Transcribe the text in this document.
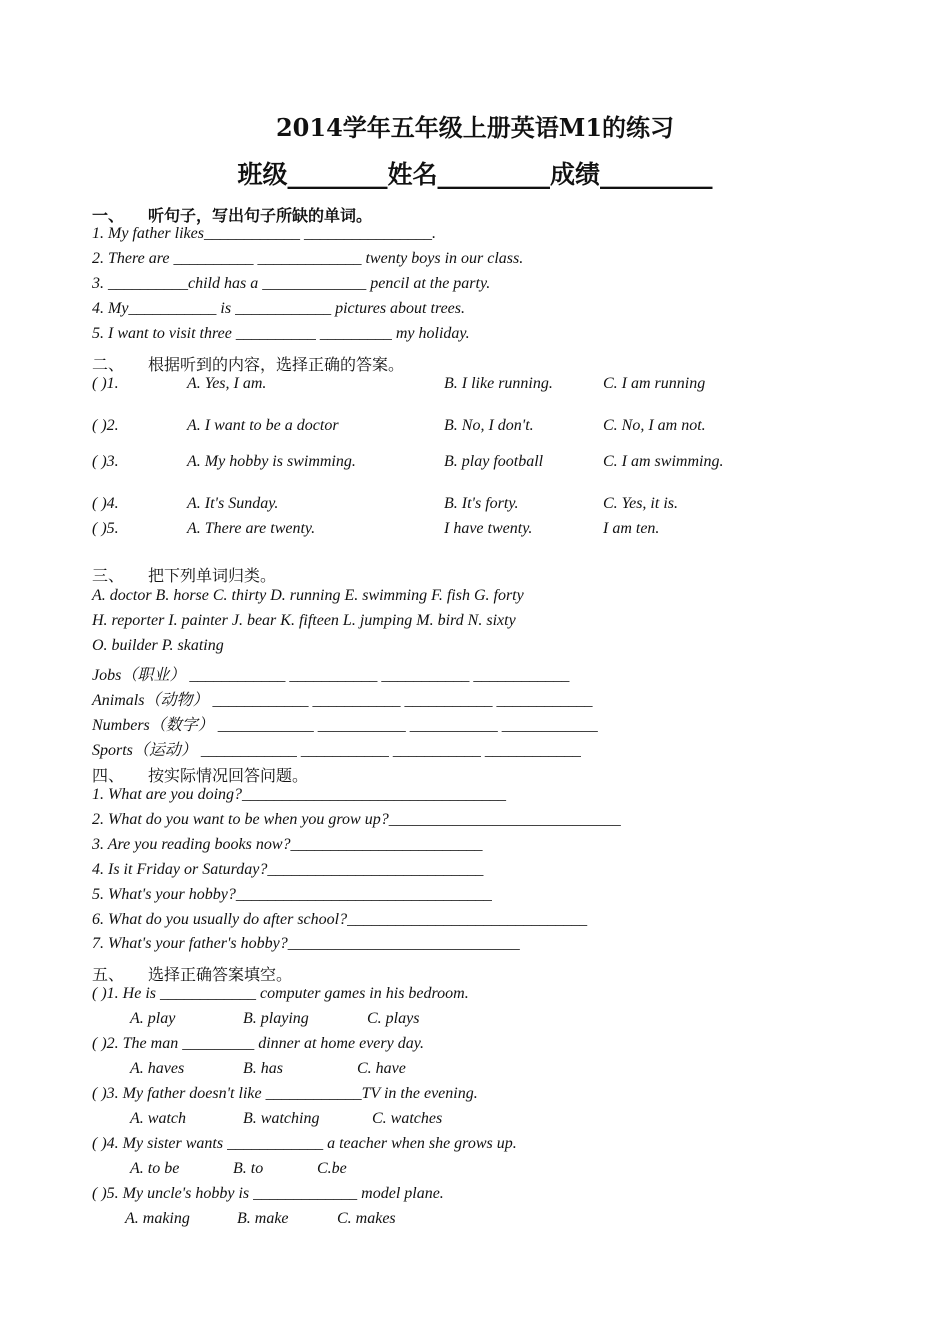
2014学年五年级上册英语M1的练习
班级________姓名_________成绩_________
一、 听句子，写出句子所缺的单词。
1. My father likes____________ ________________.
2. There are __________ _____________ twenty boys in our class.
3. __________child has a _____________ pencil at the party.
4. My___________ is ____________ pictures about trees.
5. I want to visit three __________ _________ my holiday.
二、 根据听到的内容，选择正确的答案。
( )1.	A. Yes, I am.	B. I like running.	C. I am running
( )2.	A. I want to be a doctor	B. No, I don't.	C. No, I am not.
( )3.	A. My hobby is swimming.	B. play football	C. I am swimming.
( )4.	A. It's Sunday.	B. It's forty.	C. Yes, it is.
( )5.	A. There are twenty.	I have twenty.	I am ten.
三、 把下列单词归类。
A. doctor B. horse C. thirty D. running E. swimming F. fish G. forty
H. reporter I. painter J. bear K. fifteen L. jumping M. bird N. sixty
O. builder P. skating
Jobs（职业） ____________ ___________ ___________ ____________
Animals（动物） ____________ ___________ ___________ ____________
Numbers（数字） ____________ ___________ ___________ ____________
Sports（运动） ____________ ___________ ___________ ____________
四、 按实际情况回答问题。
1. What are you doing?_________________________________
2. What do you want to be when you grow up?_____________________________
3. Are you reading books now?________________________
4. Is it Friday or Saturday?___________________________
5. What's your hobby?________________________________
6. What do you usually do after school?______________________________
7. What's your father's hobby?_____________________________
五、 选择正确答案填空。
( )1. He is ____________ computer games in his bedroom.
A. play	B. playing	C. plays
( )2. The man _________ dinner at home every day.
A. haves	B. has	C. have
( )3. My father doesn't like ____________TV in the evening.
A. watch	B. watching	C. watches
( )4. My sister wants ____________ a teacher when she grows up.
A. to be	B. to	C.be
( )5. My uncle's hobby is _____________ model plane.
A. making	B. make	C. makes
